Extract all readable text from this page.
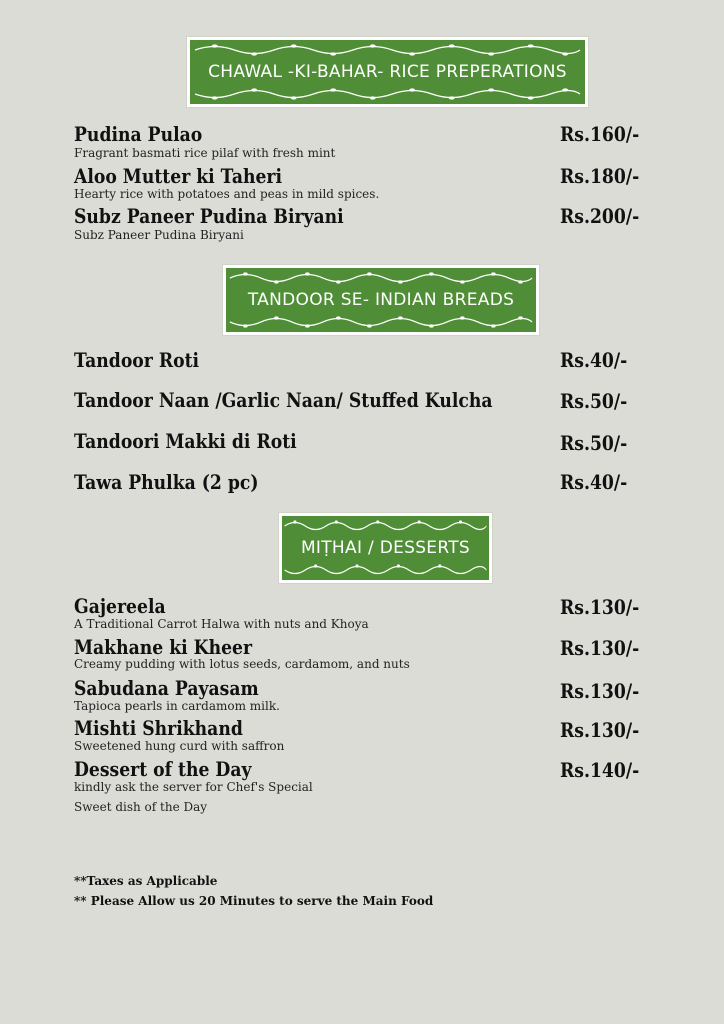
CHAWAL -KI-BAHAR- RICE PREPERATIONS
Pudina Pulao
Fragrant basmati rice pilaf with fresh mint
Rs.160/-
Aloo Mutter ki Taheri
Hearty rice with potatoes and peas in mild spices.
Rs.180/-
Subz Paneer Pudina Biryani
Subz Paneer Pudina Biryani
Rs.200/-
TANDOOR SE- INDIAN BREADS
Tandoor Roti	Rs.40/-
Tandoor Naan /Garlic Naan/ Stuffed Kulcha	Rs.50/-
Tandoori Makki di Roti	Rs.50/-
Tawa Phulka (2 pc)	Rs.40/-
MIṬHAI / DESSERTS
Gajereela
A Traditional Carrot Halwa with nuts and Khoya
Rs.130/-
Makhane ki Kheer
Creamy pudding with lotus seeds, cardamom, and nuts
Rs.130/-
Sabudana Payasam
Tapioca pearls in cardamom milk.
Rs.130/-
Mishti Shrikhand
Sweetened hung curd with saffron
Rs.130/-
Dessert of the Day
kindly ask the server for Chef's Special
Sweet dish of the Day
Rs.140/-
**Taxes as Applicable
** Please Allow us 20 Minutes to serve the Main Food
